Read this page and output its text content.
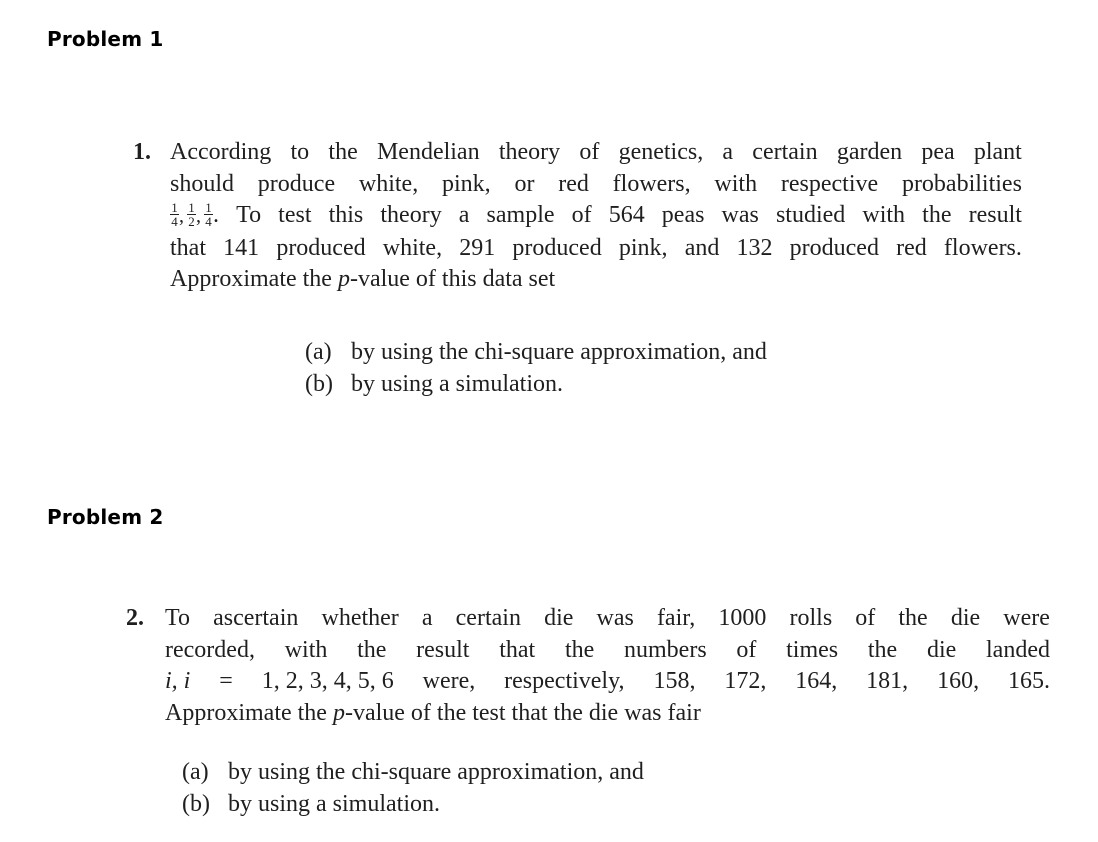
Problem 1
1. According to the Mendelian theory of genetics, a certain garden pea plant
should produce white, pink, or red flowers, with respective probabilities
$\frac{1}{4}$ , $\frac{1}{2}$ , $\frac{1}{4}$ . To test this theory a sample of 564 peas was studied with the result
that 141 produced white, 291 produced pink, and 132 produced red flowers.
Approximate the p-value of this data set
(a) by using the chi-square approximation, and
(b) by using a simulation.
Problem 2
2. To ascertain whether a certain die was fair, 1000 rolls of the die were
recorded, with the result that the numbers of times the die landed
i, i = 1, 2, 3, 4, 5, 6 were, respectively, 158, 172, 164, 181, 160, 165.
Approximate the p-value of the test that the die was fair
(a) by using the chi-square approximation, and
(b) by using a simulation.
